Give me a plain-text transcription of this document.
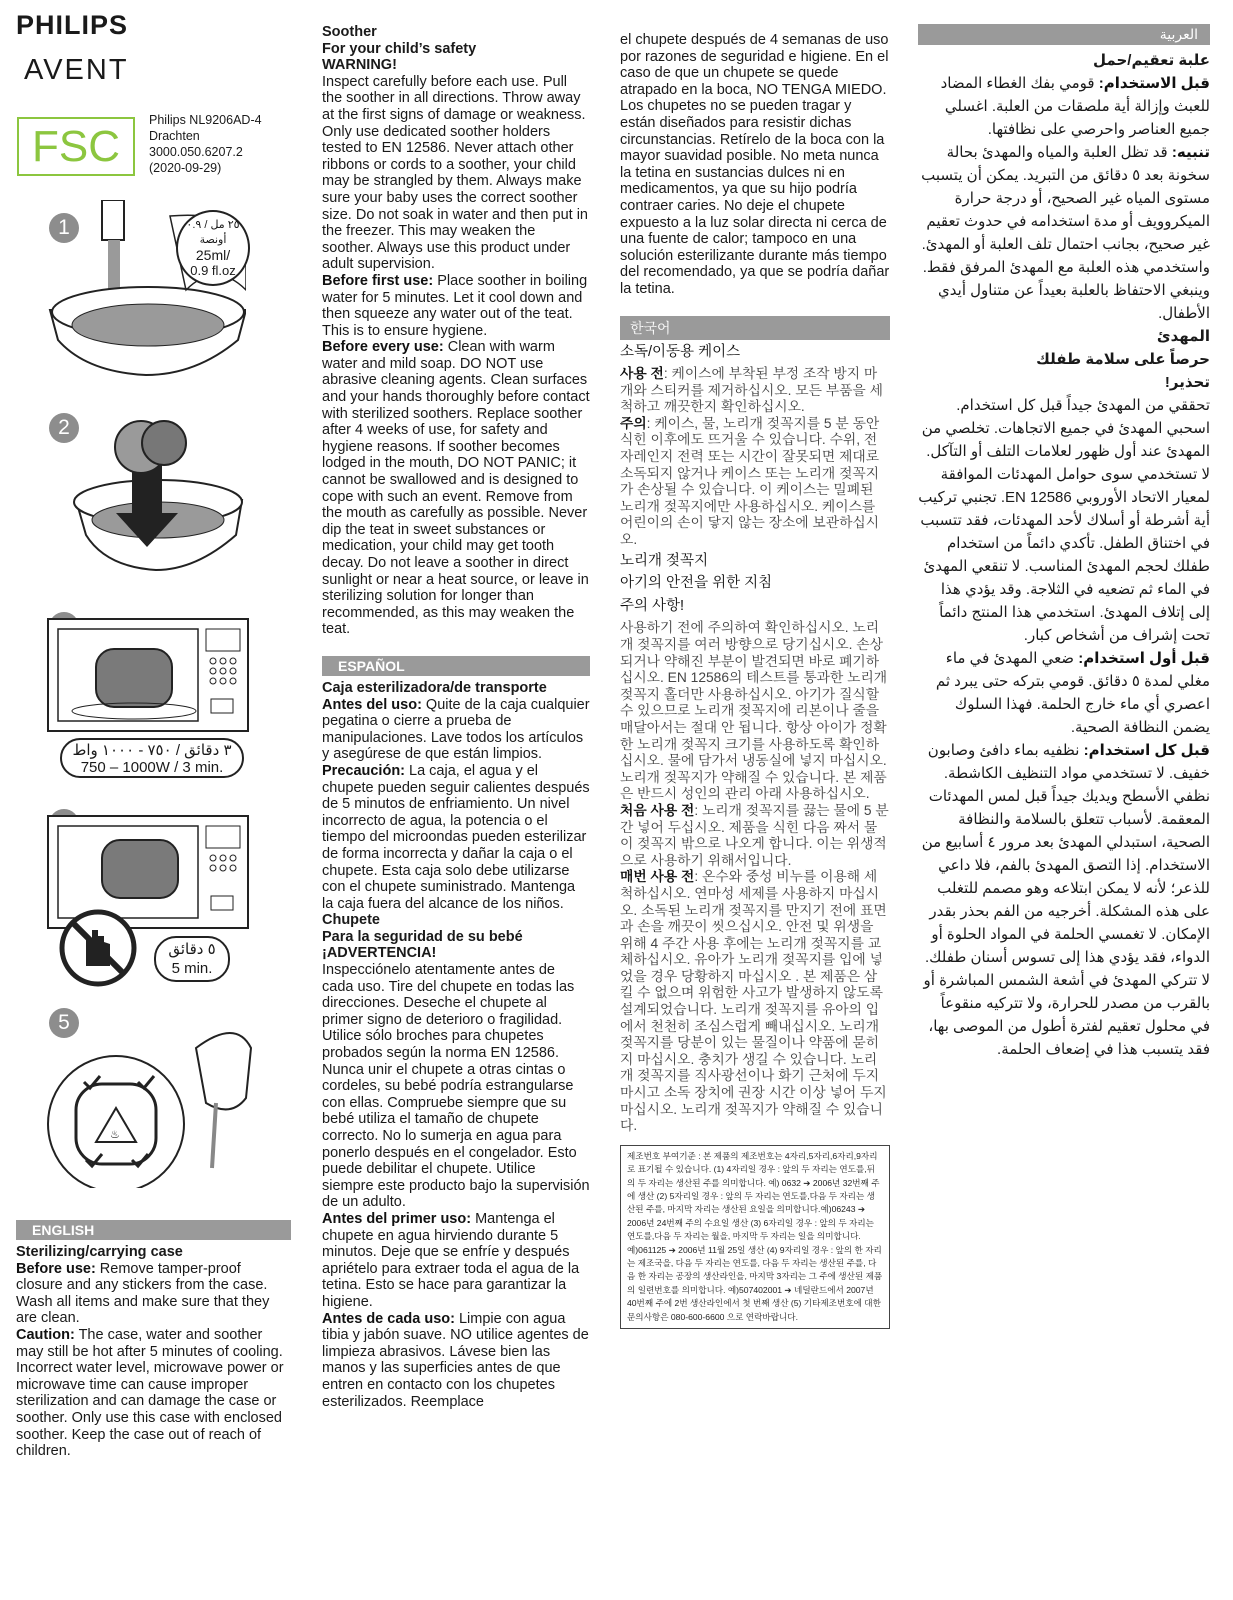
PHILIPS
AVENT
FSC
Philips NL9206AD-4
Drachten
3000.050.6207.2
(2020-09-29)
1	٢٥ مل / ٠.٩ أونصة
25ml/
0.9 fl.oz
2
٣ دقائق / ٧٥٠ - ١٠٠٠ واط
750 – 1000W / 3 min.
٥ دقائق
5 min.
5
♨
ENGLISH

Sterilizing/carrying case

Before use: Remove tamper-proof closure and any stickers from the case. Wash all items and make sure that they are clean.

Caution: The case, water and soother may still be hot after 5 minutes of cooling. Incorrect water level, microwave power or microwave time can cause improper sterilization and can damage the case or soother. Only use this case with enclosed soother. Keep the case out of reach of children.

Soother

For your child’s safety

WARNING!

Inspect carefully before each use. Pull the soother in all directions. Throw away at the first signs of damage or weakness. Only use dedicated soother holders tested to EN 12586. Never attach other ribbons or cords to a soother, your child may be strangled by them. Always make sure your baby uses the correct soother size. Do not soak in water and then put in the freezer. This may weaken the soother. Always use this product under adult supervision.

Before first use: Place soother in boiling water for 5 minutes. Let it cool down and then squeeze any water out of the teat. This is to ensure hygiene.

Before every use: Clean with warm water and mild soap. DO NOT use abrasive cleaning agents. Clean surfaces and your hands thoroughly before contact with sterilized soothers. Replace soother after 4 weeks of use, for safety and hygiene reasons. If soother becomes lodged in the mouth, DO NOT PANIC; it cannot be swallowed and is designed to cope with such an event. Remove from the mouth as carefully as possible. Never dip the teat in sweet substances or medication, your child may get tooth decay. Do not leave a soother in direct sunlight or near a heat source, or leave in sterilizing solution for longer than recommended, as this may weaken the teat.

ESPAÑOL

Caja esterilizadora/de transporte

Antes del uso: Quite de la caja cualquier pegatina o cierre a prueba de manipulaciones. Lave todos los artículos y asegúrese de que están limpios.

Precaución: La caja, el agua y el chupete pueden seguir calientes después de 5 minutos de enfriamiento. Un nivel incorrecto de agua, la potencia o el tiempo del microondas pueden esterilizar de forma incorrecta y dañar la caja o el chupete. Esta caja solo debe utilizarse con el chupete suministrado. Mantenga la caja fuera del alcance de los niños.

Chupete

Para la seguridad de su bebé

¡ADVERTENCIA!

Inspecciónelo atentamente antes de cada uso. Tire del chupete en todas las direcciones. Deseche el chupete al primer signo de deterioro o fragilidad. Utilice sólo broches para chupetes probados según la norma EN 12586. Nunca unir el chupete a otras cintas o cordeles, su bebé podría estrangularse con ellas. Compruebe siempre que su bebé utiliza el tamaño de chupete correcto. No lo sumerja en agua para ponerlo después en el congelador. Esto puede debilitar el chupete. Utilice siempre este producto bajo la supervisión de un adulto.

Antes del primer uso: Mantenga el chupete en agua hirviendo durante 5 minutos. Deje que se enfríe y después apriételo para extraer toda el agua de la tetina. Esto se hace para garantizar la higiene.

Antes de cada uso: Limpie con agua tibia y jabón suave. NO utilice agentes de limpieza abrasivos. Lávese bien las manos y las superficies antes de que entren en contacto con los chupetes esterilizados. Reemplace

el chupete después de 4 semanas de uso por razones de seguridad e higiene. En el caso de que un chupete se quede atrapado en la boca, NO TENGA MIEDO. Los chupetes no se pueden tragar y están diseñados para resistir dichas circunstancias. Retírelo de la boca con la mayor suavidad posible. No meta nunca la tetina en sustancias dulces ni en medicamentos, ya que su hijo podría contraer caries. No deje el chupete expuesto a la luz solar directa ni cerca de una fuente de calor; tampoco en una solución esterilizante durante más tiempo del recomendado, ya que se podría dañar la tetina.

한국어

소독/이동용 케이스

사용 전: 케이스에 부착된 부정 조작 방지 마개와 스티커를 제거하십시오. 모든 부품을 세척하고 깨끗한지 확인하십시오.

주의: 케이스, 물, 노리개 젖꼭지를 5 분 동안 식힌 이후에도 뜨거울 수 있습니다. 수위, 전자레인지 전력 또는 시간이 잘못되면 제대로 소독되지 않거나 케이스 또는 노리개 젖꼭지가 손상될 수 있습니다. 이 케이스는 밀폐된 노리개 젖꼭지에만 사용하십시오. 케이스를 어린이의 손이 닿지 않는 장소에 보관하십시오.

노리개 젖꼭지

아기의 안전을 위한 지침

주의 사항!

사용하기 전에 주의하여 확인하십시오. 노리개 젖꼭지를 여러 방향으로 당기십시오. 손상되거나 약해진 부분이 발견되면 바로 폐기하십시오. EN 12586의 테스트를 통과한 노리개 젖꼭지 홀더만 사용하십시오. 아기가 질식할 수 있으므로 노리개 젖꼭지에 리본이나 줄을 매달아서는 절대 안 됩니다. 항상 아이가 정확한 노리개 젖꼭지 크기를 사용하도록 확인하십시오. 물에 담가서 냉동실에 넣지 마십시오. 노리개 젖꼭지가 약해질 수 있습니다. 본 제품은 반드시 성인의 관리 아래 사용하십시오.

처음 사용 전: 노리개 젖꼭지를 끓는 물에 5 분간 넣어 두십시오. 제품을 식힌 다음 짜서 물이 젖꼭지 밖으로 나오게 합니다. 이는 위생적으로 사용하기 위해서입니다.

매번 사용 전: 온수와 중성 비누를 이용해 세척하십시오. 연마성 세제를 사용하지 마십시오. 소독된 노리개 젖꼭지를 만지기 전에 표면과 손을 깨끗이 씻으십시오. 안전 및 위생을 위해 4 주간 사용 후에는 노리개 젖꼭지를 교체하십시오. 유아가 노리개 젖꼭지를 입에 넣었을 경우 당황하지 마십시오 . 본 제품은 삼킬 수 없으며 위험한 사고가 발생하지 않도록 설계되었습니다. 노리개 젖꼭지를 유아의 입에서 천천히 조심스럽게 빼내십시오. 노리개 젖꼭지를 당분이 있는 물질이나 약품에 묻히지 마십시오. 충치가 생길 수 있습니다. 노리개 젖꼭지를 직사광선이나 화기 근처에 두지 마시고 소독 장치에 권장 시간 이상 넣어 두지 마십시오. 노리개 젖꼭지가 약해질 수 있습니다.

제조번호 부여기준 : 본 제품의 제조번호는 4자리,5자리,6자리,9자리로 표기될 수 있습니다. (1) 4자리일 경우 : 앞의 두 자리는 연도를,뒤의 두 자리는 생산된 주를 의미합니다. 예) 0632 ➔ 2006년 32번째 주에 생산 (2) 5자리일 경우 : 앞의 두 자리는 연도를,다음 두 자리는 생산된 주를, 마지막 자리는 생산된 요일을 의미합니다.예)06243 ➔ 2006년 24번째 주의 수요일 생산 (3) 6자리일 경우 : 앞의 두 자리는 연도를,다음 두 자리는 월을, 마지막 두 자리는 일을 의미합니다. 예)061125 ➔ 2006년 11월 25일 생산 (4) 9자리일 경우 : 앞의 한 자리는 제조국을, 다음 두 자리는 연도를, 다음 두 자리는 생산된 주를, 다음 한 자리는 공장의 생산라인을, 마지막 3자리는 그 주에 생산된 제품의 일련번호를 의미합니다. 예)507402001 ➔ 네덜란드에서 2007년 40번째 주에 2번 생산라인에서 첫 번째 생산 (5) 기타제조번호에 대한 문의사항은 080-600-6600 으로 연락바랍니다.
العربية

علبة تعقيم/حمل

قبل الاستخدام: قومي بفك الغطاء المضاد للعبث وإزالة أية ملصقات من العلبة. اغسلي جميع العناصر واحرصي على نظافتها.

تنبيه: قد تظل العلبة والمياه والمهدئ بحالة سخونة بعد ٥ دقائق من التبريد. يمكن أن يتسبب مستوى المياه غير الصحيح، أو درجة حرارة الميكروويف أو مدة استخدامه في حدوث تعقيم غير صحيح، بجانب احتمال تلف العلبة أو المهدئ. واستخدمي هذه العلبة مع المهدئ المرفق فقط. وينبغي الاحتفاظ بالعلبة بعيداً عن متناول أيدي الأطفال.

المهدئ

حرصاً على سلامة طفلك

تحذير!

تحققي من المهدئ جيداً قبل كل استخدام. اسحبي المهدئ في جميع الاتجاهات. تخلصي من المهدئ عند أول ظهور لعلامات التلف أو التآكل. لا تستخدمي سوى حوامل المهدئات الموافقة لمعيار الاتحاد الأوروبي EN 12586. تجنبي تركيب أية أشرطة أو أسلاك لأحد المهدئات، فقد تتسبب في اختناق الطفل. تأكدي دائماً من استخدام طفلك لحجم المهدئ المناسب. لا تنقعي المهدئ في الماء ثم تضعيه في الثلاجة. وقد يؤدي هذا إلى إتلاف المهدئ. استخدمي هذا المنتج دائماً تحت إشراف من أشخاص كبار.

قبل أول استخدام: ضعي المهدئ في ماء مغلي لمدة ٥ دقائق. قومي بتركه حتى يبرد ثم اعصري أي ماء خارج الحلمة. فهذا السلوك يضمن النظافة الصحية.

قبل كل استخدام: نظفيه بماء دافئ وصابون خفيف. لا تستخدمي مواد التنظيف الكاشطة. نظفي الأسطح ويديك جيداً قبل لمس المهدئات المعقمة. لأسباب تتعلق بالسلامة والنظافة الصحية، استبدلي المهدئ بعد مرور ٤ أسابيع من الاستخدام. إذا التصق المهدئ بالفم، فلا داعي للذعر؛ لأنه لا يمكن ابتلاعه وهو مصمم للتغلب على هذه المشكلة. أخرجيه من الفم بحذر بقدر الإمكان. لا تغمسي الحلمة في المواد الحلوة أو الدواء، فقد يؤدي هذا إلى تسوس أسنان طفلك. لا تتركي المهدئ في أشعة الشمس المباشرة أو بالقرب من مصدر للحرارة، ولا تتركيه منقوعاً في محلول تعقيم لفترة أطول من الموصى بها، فقد يتسبب هذا في إضعاف الحلمة.
